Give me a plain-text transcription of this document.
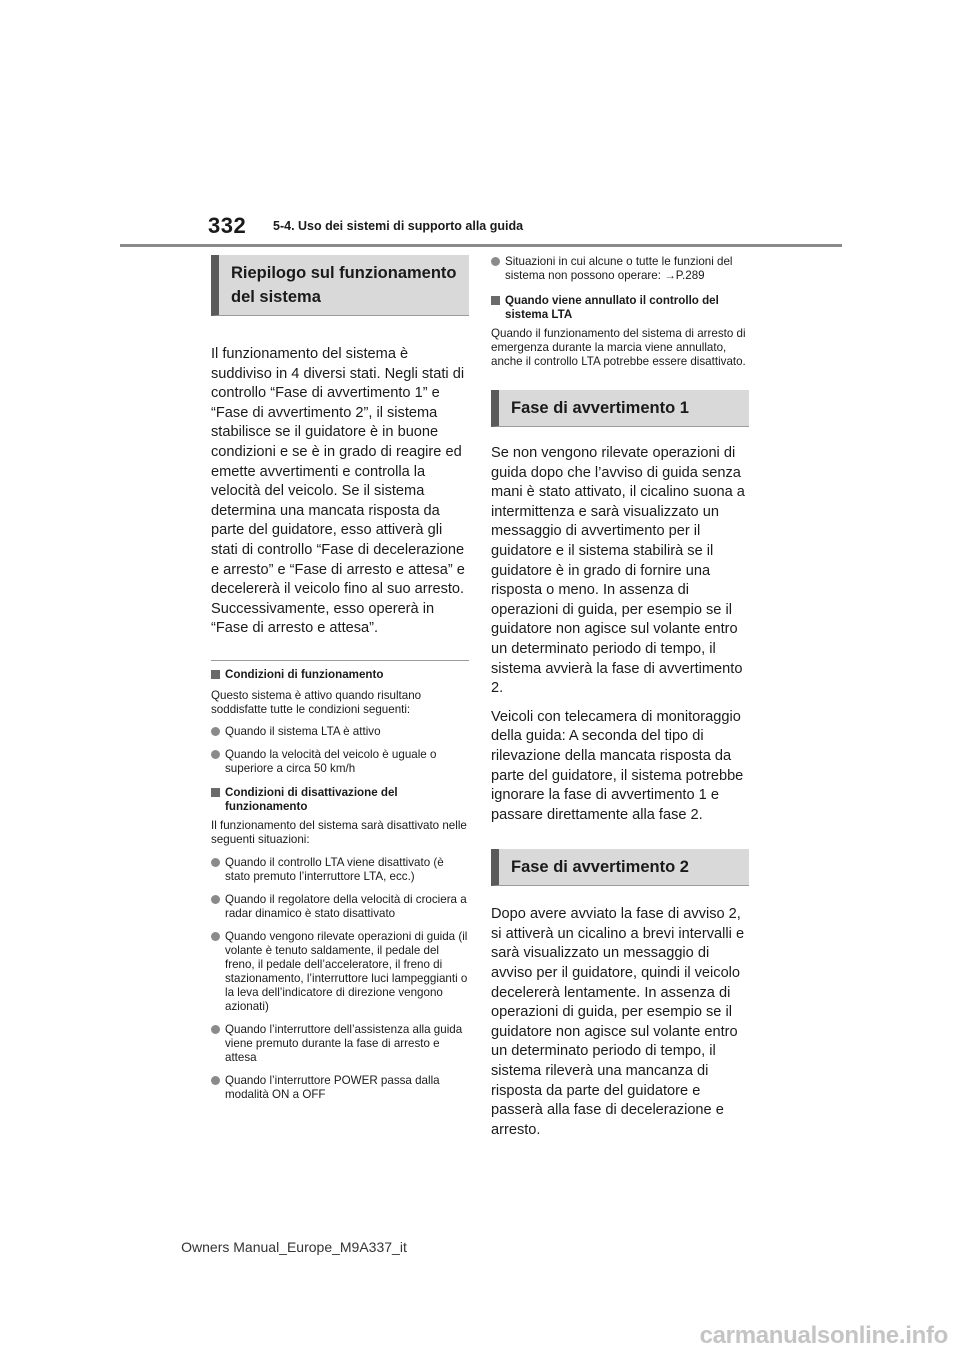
332 5-4. Uso dei sistemi di supporto alla guida
Riepilogo sul funzionamento del sistema

Il funzionamento del sistema è suddiviso in 4 diversi stati. Negli stati di controllo “Fase di avvertimento 1” e “Fase di avvertimento 2”, il sistema stabilisce se il guidatore è in buone condizioni e se è in grado di reagire ed emette avvertimenti e controlla la velocità del veicolo. Se il sistema determina una mancata risposta da parte del guidatore, esso attiverà gli stati di controllo “Fase di decelerazione e arresto” e “Fase di arresto e attesa” e decelererà il veicolo fino al suo arresto. Successivamente, esso opererà in “Fase di arresto e attesa”.

Condizioni di funzionamento

Questo sistema è attivo quando risultano soddisfatte tutte le condizioni seguenti:

Quando il sistema LTA è attivo
Quando la velocità del veicolo è uguale o superiore a circa 50 km/h
Condizioni di disattivazione del funzionamento

Il funzionamento del sistema sarà disattivato nelle seguenti situazioni:

Quando il controllo LTA viene disattivato (è stato premuto l’interruttore LTA, ecc.)
Quando il regolatore della velocità di crociera a radar dinamico è stato disattivato
Quando vengono rilevate operazioni di guida (il volante è tenuto saldamente, il pedale del freno, il pedale dell’acceleratore, il freno di stazionamento, l’interruttore luci lampeggianti o la leva dell’indicatore di direzione vengono azionati)
Quando l’interruttore dell’assistenza alla guida viene premuto durante la fase di arresto e attesa
Quando l’interruttore POWER passa dalla modalità ON a OFF
Situazioni in cui alcune o tutte le funzioni del sistema non possono operare: →P.289
Quando viene annullato il controllo del sistema LTA

Quando il funzionamento del sistema di arresto di emergenza durante la marcia viene annullato, anche il controllo LTA potrebbe essere disattivato.

Fase di avvertimento 1

Se non vengono rilevate operazioni di guida dopo che l’avviso di guida senza mani è stato attivato, il cicalino suona a intermittenza e sarà visualizzato un messaggio di avvertimento per il guidatore e il sistema stabilirà se il guidatore è in grado di fornire una risposta o meno. In assenza di operazioni di guida, per esempio se il guidatore non agisce sul volante entro un determinato periodo di tempo, il sistema avvierà la fase di avvertimento 2.

Veicoli con telecamera di monitoraggio della guida: A seconda del tipo di rilevazione della mancata risposta da parte del guidatore, il sistema potrebbe ignorare la fase di avvertimento 1 e passare direttamente alla fase 2.

Fase di avvertimento 2

Dopo avere avviato la fase di avviso 2, si attiverà un cicalino a brevi intervalli e sarà visualizzato un messaggio di avviso per il guidatore, quindi il veicolo decelererà lentamente. In assenza di operazioni di guida, per esempio se il guidatore non agisce sul volante entro un determinato periodo di tempo, il sistema rileverà una mancanza di risposta da parte del guidatore e passerà alla fase di decelerazione e arresto.

Owners Manual_Europe_M9A337_it
carmanualsonline.info
